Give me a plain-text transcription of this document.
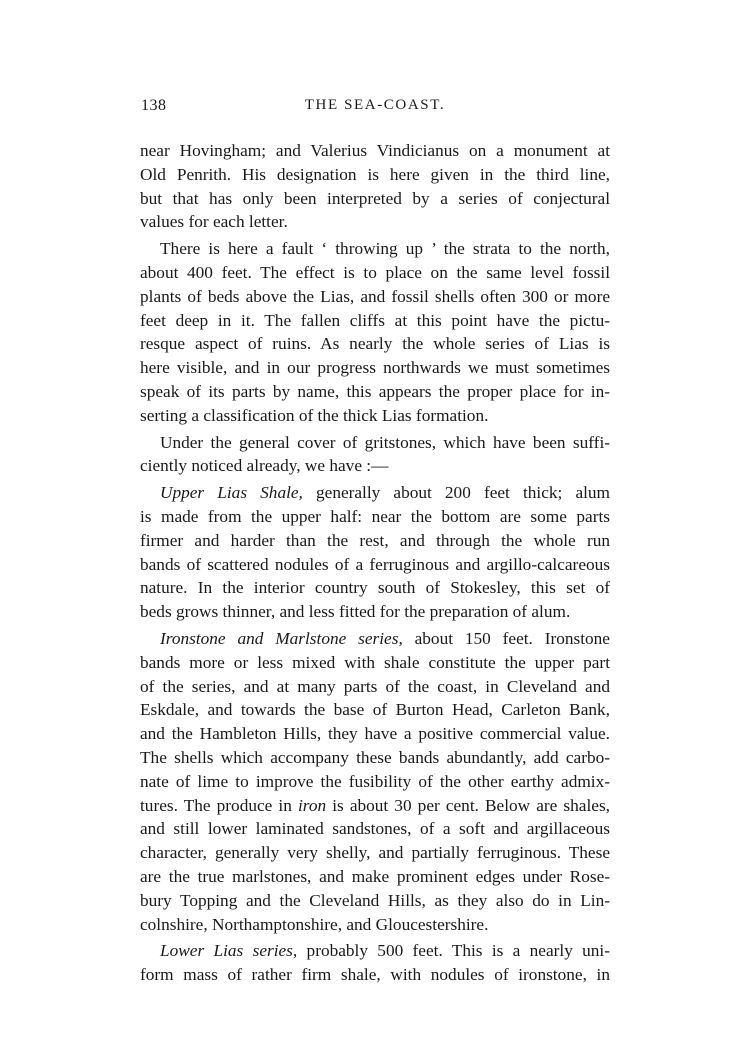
138	THE SEA-COAST.
near Hovingham; and Valerius Vindicianus on a monument at
Old Penrith. His designation is here given in the third line,
but that has only been interpreted by a series of conjectural
values for each letter.
There is here a fault ‘ throwing up ’ the strata to the north,
about 400 feet. The effect is to place on the same level fossil
plants of beds above the Lias, and fossil shells often 300 or more
feet deep in it. The fallen cliffs at this point have the pictu-
resque aspect of ruins. As nearly the whole series of Lias is
here visible, and in our progress northwards we must sometimes
speak of its parts by name, this appears the proper place for in-
serting a classification of the thick Lias formation.
Under the general cover of gritstones, which have been suffi-
ciently noticed already, we have :—
Upper Lias Shale, generally about 200 feet thick; alum
is made from the upper half: near the bottom are some parts
firmer and harder than the rest, and through the whole run
bands of scattered nodules of a ferruginous and argillo-calcareous
nature. In the interior country south of Stokesley, this set of
beds grows thinner, and less fitted for the preparation of alum.
Ironstone and Marlstone series, about 150 feet. Ironstone
bands more or less mixed with shale constitute the upper part
of the series, and at many parts of the coast, in Cleveland and
Eskdale, and towards the base of Burton Head, Carleton Bank,
and the Hambleton Hills, they have a positive commercial value.
The shells which accompany these bands abundantly, add carbo-
nate of lime to improve the fusibility of the other earthy admix-
tures. The produce in iron is about 30 per cent. Below are shales,
and still lower laminated sandstones, of a soft and argillaceous
character, generally very shelly, and partially ferruginous. These
are the true marlstones, and make prominent edges under Rose-
bury Topping and the Cleveland Hills, as they also do in Lin-
colnshire, Northamptonshire, and Gloucestershire.
Lower Lias series, probably 500 feet. This is a nearly uni-
form mass of rather firm shale, with nodules of ironstone, in
